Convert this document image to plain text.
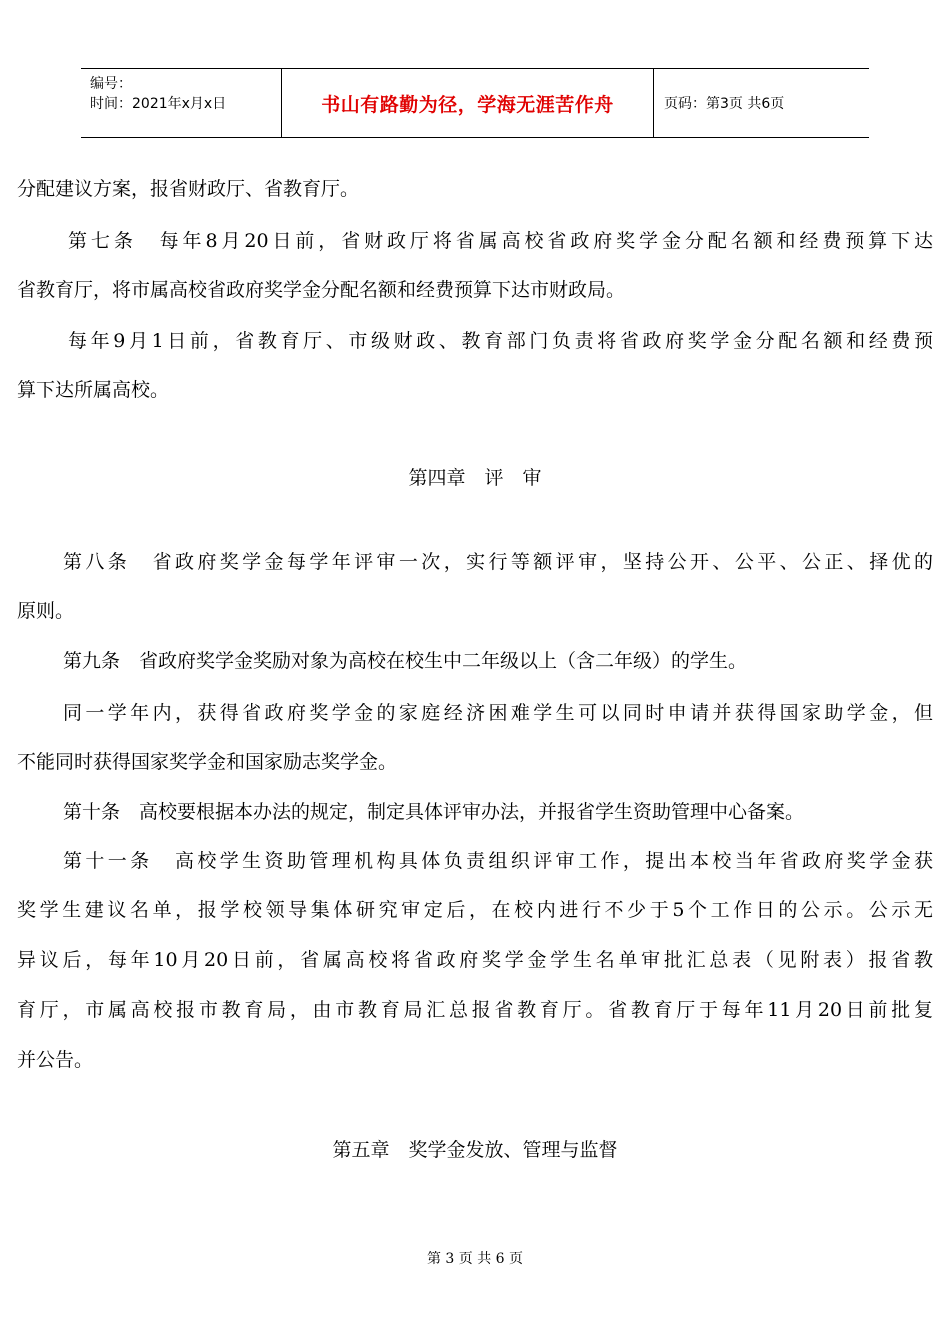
编号：
时间：2021年x月x日	书山有路勤为径，学海无涯苦作舟	页码：第3页 共6页
分配建议方案，报省财政厅、省教育厅。
第七条　每年8月20日前，省财政厅将省属高校省政府奖学金分配名额和经费预算下达
省教育厅，将市属高校省政府奖学金分配名额和经费预算下达市财政局。
每年9月1日前，省教育厅、市级财政、教育部门负责将省政府奖学金分配名额和经费预
算下达所属高校。
第四章　评　审
第八条　省政府奖学金每学年评审一次，实行等额评审，坚持公开、公平、公正、择优的
原则。
第九条　省政府奖学金奖励对象为高校在校生中二年级以上（含二年级）的学生。
同一学年内，获得省政府奖学金的家庭经济困难学生可以同时申请并获得国家助学金，但
不能同时获得国家奖学金和国家励志奖学金。
第十条　高校要根据本办法的规定，制定具体评审办法，并报省学生资助管理中心备案。
第十一条　高校学生资助管理机构具体负责组织评审工作，提出本校当年省政府奖学金获
奖学生建议名单，报学校领导集体研究审定后，在校内进行不少于5个工作日的公示。公示无
异议后，每年10月20日前，省属高校将省政府奖学金学生名单审批汇总表（见附表）报省教
育厅，市属高校报市教育局，由市教育局汇总报省教育厅。省教育厅于每年11月20日前批复
并公告。
第五章　奖学金发放、管理与监督
第 3 页 共 6 页
